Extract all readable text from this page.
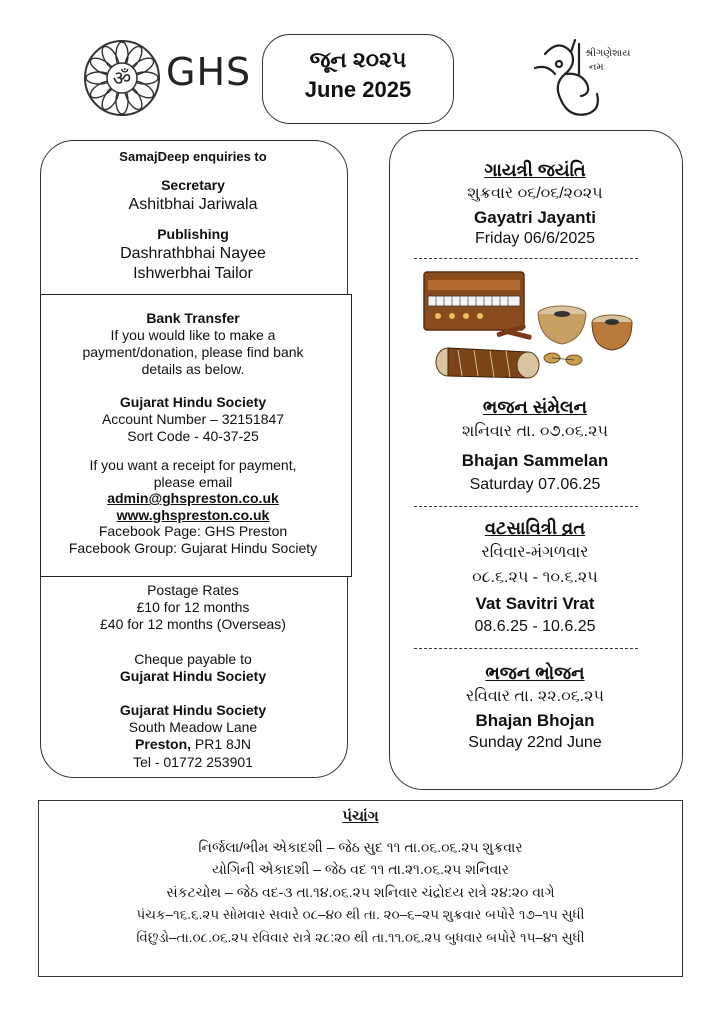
ॐ GHS	જૂન ૨૦૨૫
June 2025
શ્રીગણેશાય
નમઃ
SamajDeep enquiries to
Secretary
Ashitbhai Jariwala
Publishing
Dashrathbhai Nayee
Ishwerbhai Tailor
Bank Transfer
If you would like to make a
payment/donation, please find bank
details as below.
Gujarat Hindu Society
Account Number – 32151847
Sort Code - 40-37-25
If you want a receipt for payment,
please email
admin@ghspreston.co.uk
www.ghspreston.co.uk
Facebook Page: GHS Preston
Facebook Group: Gujarat Hindu Society
Postage Rates
£10 for 12 months
£40 for 12 months (Overseas)
Cheque payable to
Gujarat Hindu Society
Gujarat Hindu Society
South Meadow Lane
Preston, PR1 8JN
Tel - 01772 253901
ગાયત્રી જયંતિ
શુક્રવાર ૦૬/૦૬/૨૦૨૫
Gayatri Jayanti
Friday 06/6/2025
ભજન સંમેલન
શનિવાર તા. ૦૭.૦૬.૨૫
Bhajan Sammelan
Saturday 07.06.25
વટસાવિત્રી વ્રત
રવિવાર-મંગળવાર
૦૮.૬.૨૫ - ૧૦.૬.૨૫
Vat Savitri Vrat
08.6.25 - 10.6.25
ભજન ભોજન
રવિવાર તા. ૨૨.૦૬.૨૫
Bhajan Bhojan
Sunday 22nd June
પંચાંગ
નિર્જલા/ભીમ એકાદશી – જેઠ સુદ ૧૧ તા.૦૬.૦૬.૨૫ શુક્રવાર
યોગિની એકાદશી – જેઠ વદ ૧૧ તા.૨૧.૦૬.૨૫ શનિવાર
સંકટચોથ – જેઠ વદ-૩ તા.૧૪.૦૬.૨૫ શનિવાર ચંદ્રોદય રાત્રે ૨૪:૨૦ વાગે
પંચક–૧૬.૬.૨૫ સોમવાર સવારે ૦૮–૪૦ થી તા. ૨૦–૬–૨૫ શુક્રવાર બપોરે ૧૭–૧૫ સુધી
વિંછુડો–તા.૦૮.૦૬.૨૫ રવિવાર રાત્રે ૨૮:૨૦ થી તા.૧૧.૦૬.૨૫ બુધવાર બપોરે ૧૫–૪૧ સુધી
